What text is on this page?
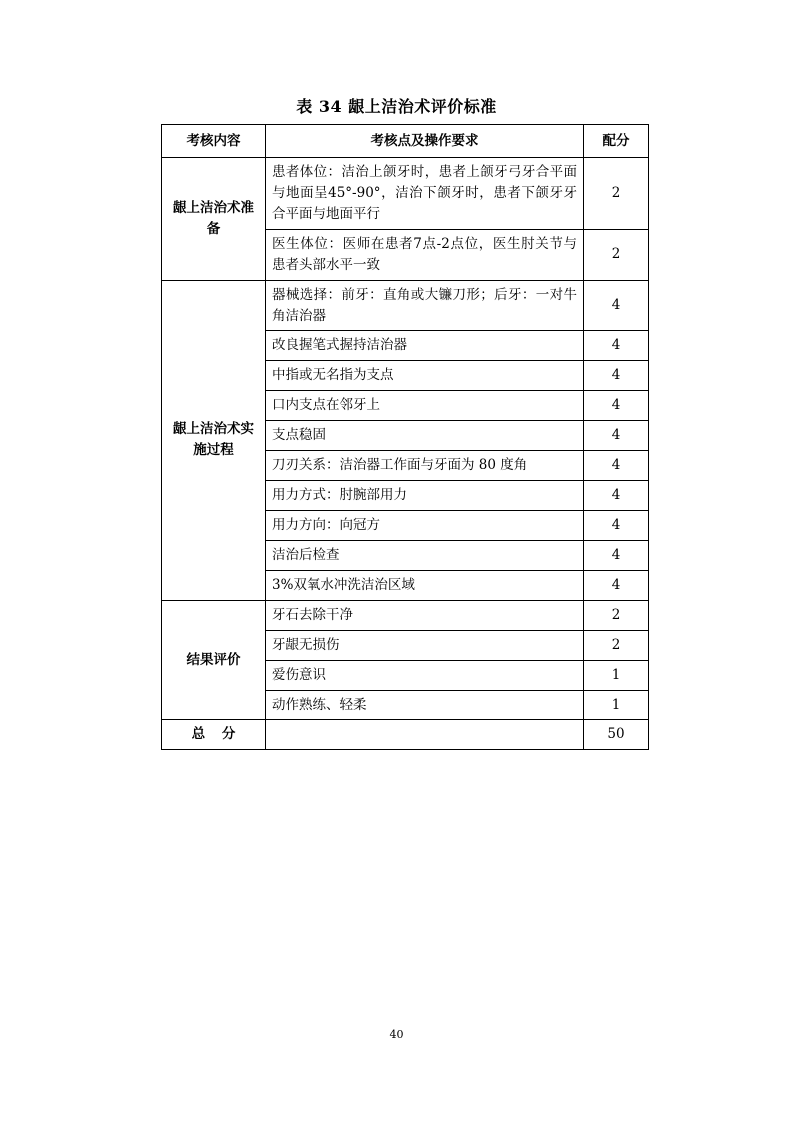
表 34 龈上洁治术评价标准
考核内容	考核点及操作要求	配分
龈上洁治术准备	患者体位：洁治上颌牙时，患者上颌牙弓牙合平面与地面呈45°-90°，洁治下颌牙时，患者下颌牙牙合平面与地面平行	2
	医生体位：医师在患者7点-2点位，医生肘关节与患者头部水平一致	2
龈上洁治术实施过程	器械选择：前牙：直角或大镰刀形；后牙：一对牛角洁治器	4
	改良握笔式握持洁治器	4
	中指或无名指为支点	4
	口内支点在邻牙上	4
	支点稳固	4
	刀刃关系：洁治器工作面与牙面为 80 度角	4
	用力方式：肘腕部用力	4
	用力方向：向冠方	4
	洁治后检查	4
	3%双氧水冲洗洁治区域	4
结果评价	牙石去除干净	2
	牙龈无损伤	2
	爱伤意识	1
	动作熟练、轻柔	1
总 分		50
40
